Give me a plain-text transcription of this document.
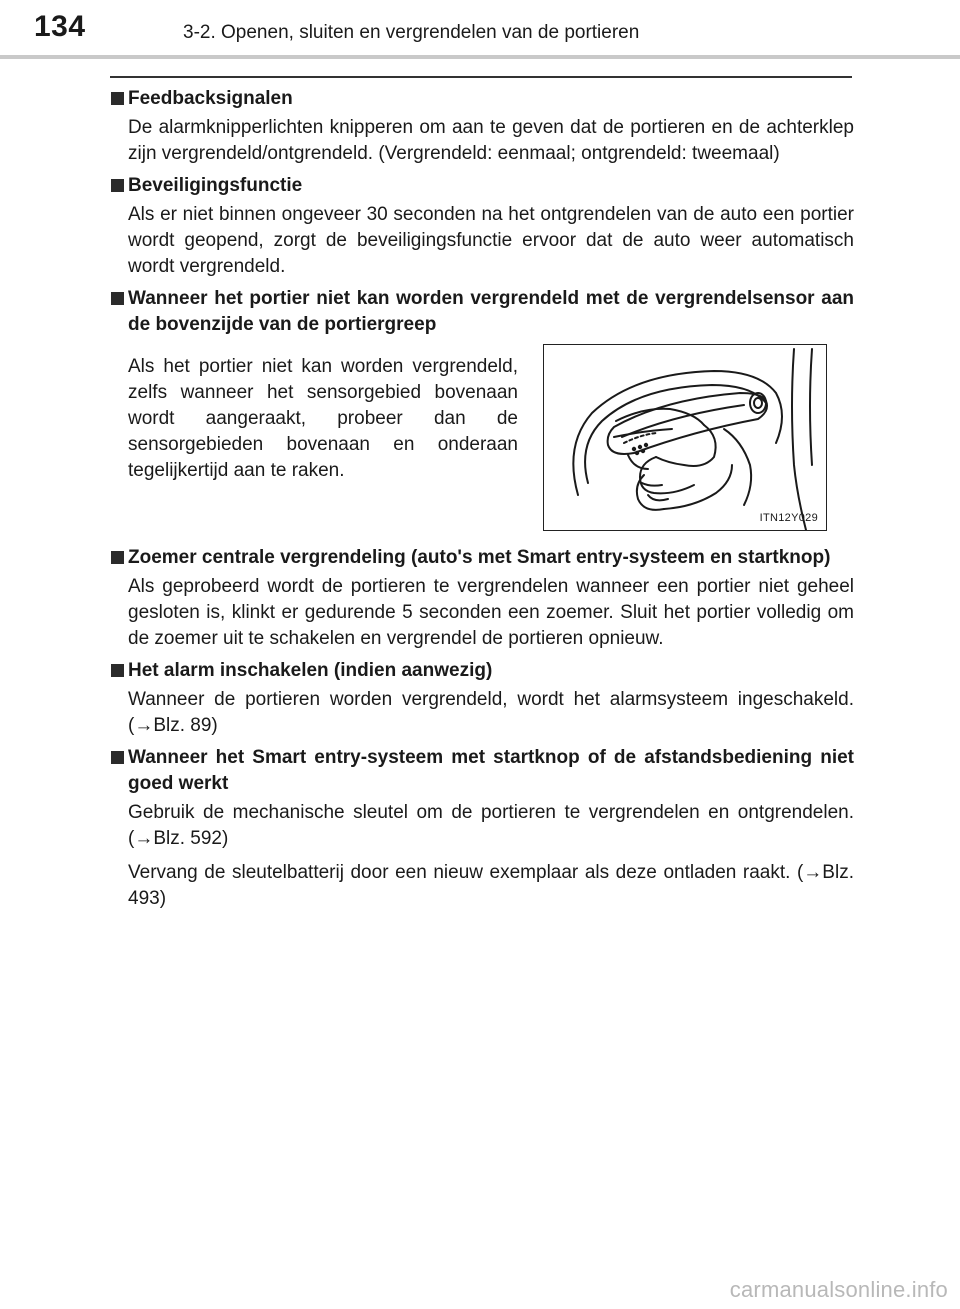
134	3-2. Openen, sluiten en vergrendelen van de portieren
Feedbacksignalen
De alarmknipperlichten knipperen om aan te geven dat de portieren en de achterklep zijn vergrendeld/ontgrendeld. (Vergrendeld: eenmaal; ontgrendeld: tweemaal)
Beveiligingsfunctie
Als er niet binnen ongeveer 30 seconden na het ontgrendelen van de auto een portier wordt geopend, zorgt de beveiligingsfunctie ervoor dat de auto weer automatisch wordt vergrendeld.
Wanneer het portier niet kan worden vergrendeld met de vergrendelsensor aan de bovenzijde van de portiergreep
Als het portier niet kan worden vergrendeld, zelfs wanneer het sensorgebied bovenaan wordt aangeraakt, probeer dan de sensorgebieden bovenaan en onderaan tegelijkertijd aan te raken.
ITN12Y029
Zoemer centrale vergrendeling (auto's met Smart entry-systeem en startknop)
Als geprobeerd wordt de portieren te vergrendelen wanneer een portier niet geheel gesloten is, klinkt er gedurende 5 seconden een zoemer. Sluit het portier volledig om de zoemer uit te schakelen en vergrendel de portieren opnieuw.
Het alarm inschakelen (indien aanwezig)
Wanneer de portieren worden vergrendeld, wordt het alarmsysteem ingeschakeld. (→Blz. 89)
Wanneer het Smart entry-systeem met startknop of de afstandsbediening niet goed werkt
Gebruik de mechanische sleutel om de portieren te vergrendelen en ontgrendelen. (→Blz. 592)
Vervang de sleutelbatterij door een nieuw exemplaar als deze ontladen raakt. (→Blz. 493)
carmanualsonline.info
